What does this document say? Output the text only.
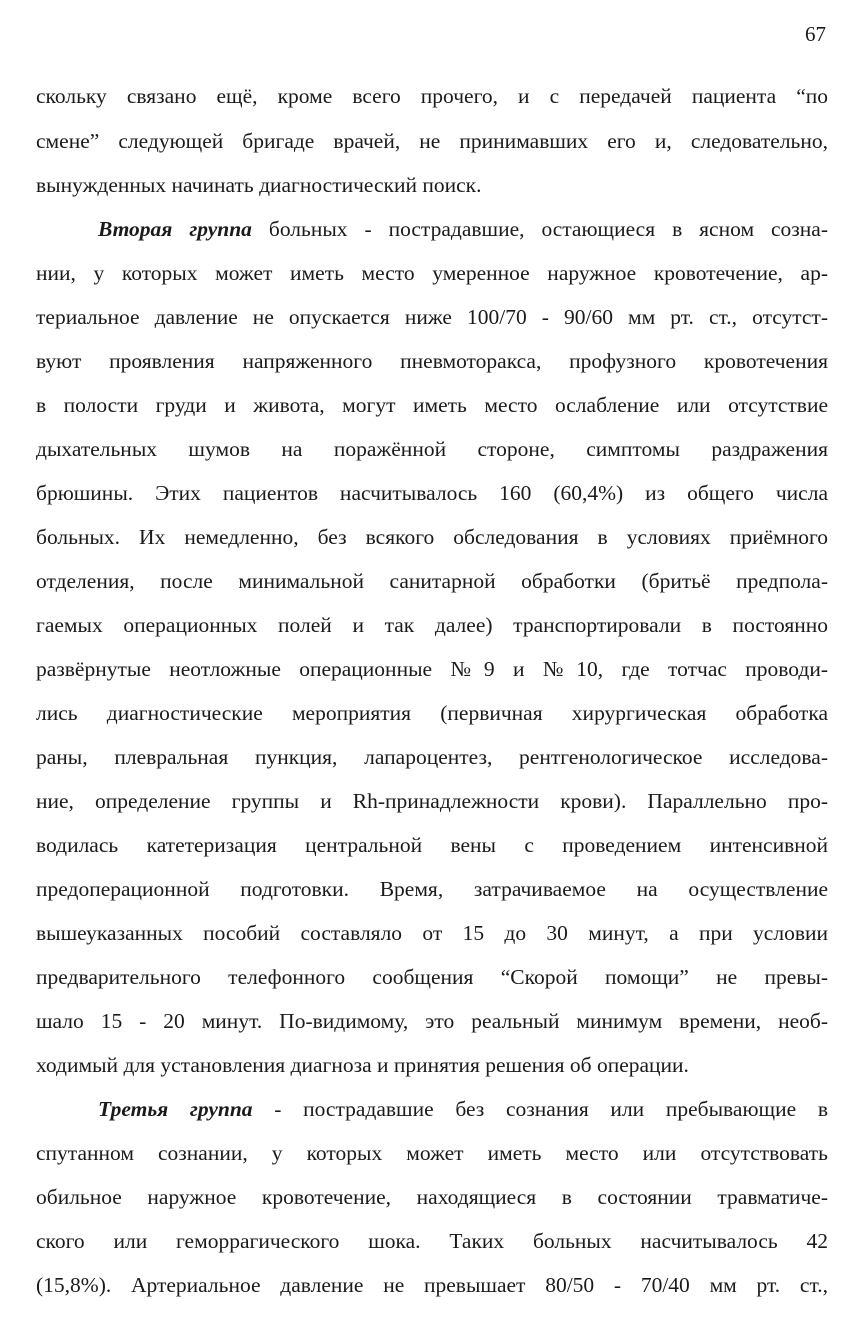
67
скольку связано ещё, кроме всего прочего, и с передачей пациента “по
смене” следующей бригаде врачей, не принимавших его и, следовательно,
вынужденных начинать диагностический поиск.
Вторая группа больных - пострадавшие, остающиеся в ясном созна-
нии, у которых может иметь место умеренное наружное кровотечение, ар-
териальное давление не опускается ниже 100/70 - 90/60 мм рт. ст., отсутст-
вуют проявления напряженного пневмоторакса, профузного кровотечения
в полости груди и живота, могут иметь место ослабление или отсутствие
дыхательных шумов на поражённой стороне, симптомы раздражения
брюшины. Этих пациентов насчитывалось 160 (60,4%) из общего числа
больных. Их немедленно, без всякого обследования в условиях приёмного
отделения, после минимальной санитарной обработки (бритьё предпола-
гаемых операционных полей и так далее) транспортировали в постоянно
развёрнутые неотложные операционные №9 и №10, где тотчас проводи-
лись диагностические мероприятия (первичная хирургическая обработка
раны, плевральная пункция, лапароцентез, рентгенологическое исследова-
ние, определение группы и Rh-принадлежности крови). Параллельно про-
водилась катетеризация центральной вены с проведением интенсивной
предоперационной подготовки. Время, затрачиваемое на осуществление
вышеуказанных пособий составляло от 15 до 30 минут, а при условии
предварительного телефонного сообщения “Скорой помощи” не превы-
шало 15 - 20 минут. По-видимому, это реальный минимум времени, необ-
ходимый для установления диагноза и принятия решения об операции.
Третья группа - пострадавшие без сознания или пребывающие в
спутанном сознании, у которых может иметь место или отсутствовать
обильное наружное кровотечение, находящиеся в состоянии травматиче-
ского или геморрагического шока. Таких больных насчитывалось 42
(15,8%). Артериальное давление не превышает 80/50 - 70/40 мм рт. ст.,
